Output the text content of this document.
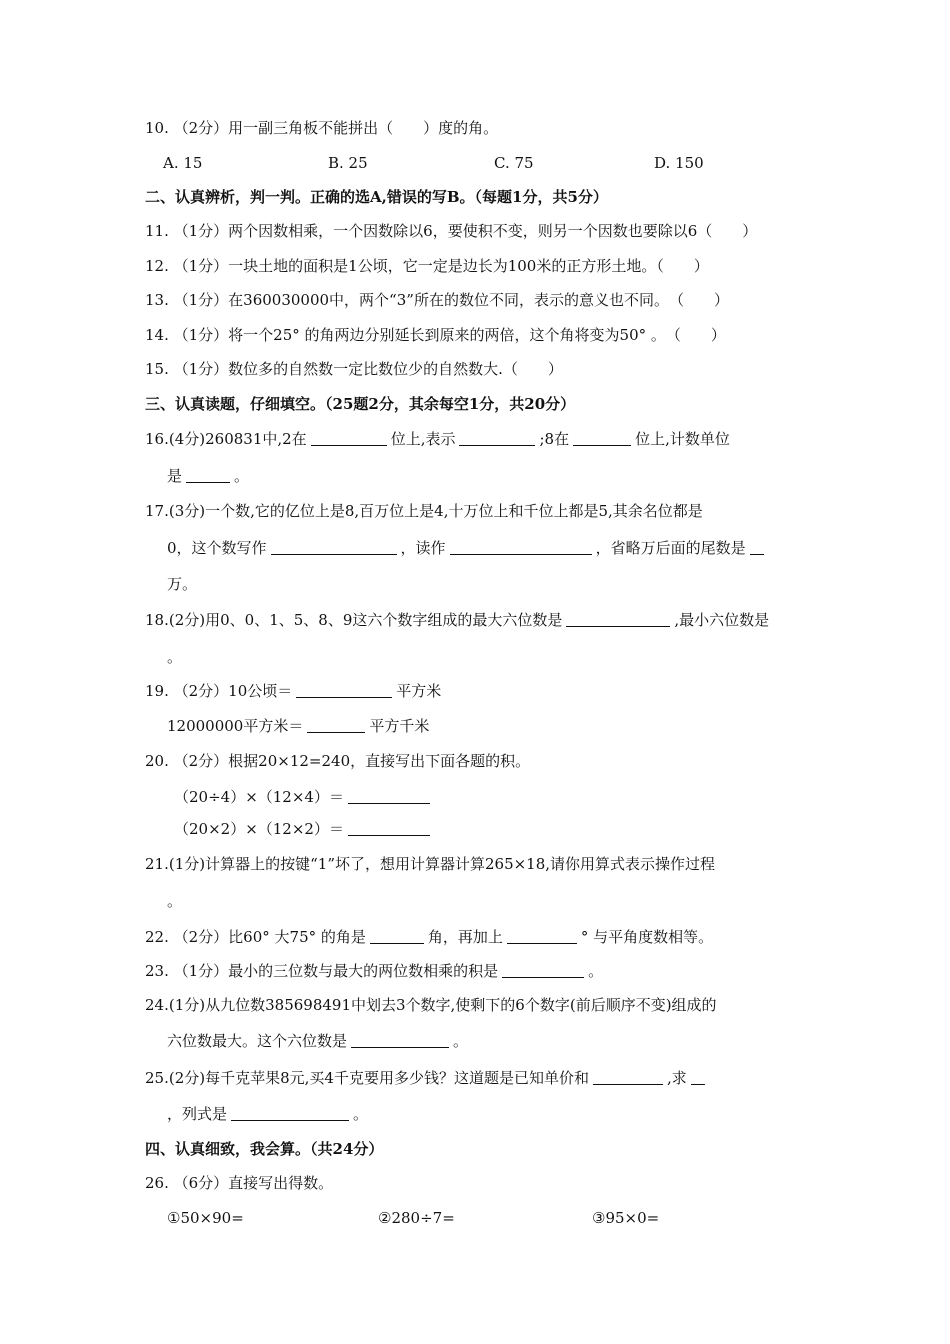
10. （2分）用一副三角板不能拼出（　　）度的角。
A. 15	B. 25	C. 75	D. 150
二、认真辨析，判一判。正确的选A,错误的写B。（每题1分，共5分）
11. （1分）两个因数相乘，一个因数除以6，要使积不变，则另一个因数也要除以6（　　）
12. （1分）一块土地的面积是1公顷，它一定是边长为100米的正方形土地。（　　）
13. （1分）在360030000中，两个“3”所在的数位不同，表示的意义也不同。　（　　）
14. （1分）将一个25° 的角两边分别延长到原来的两倍，这个角将变为50° 。　（　　）
15. （1分）数位多的自然数一定比数位少的自然数大.（　　）
三、认真读题，仔细填空。（25题2分，其余每空1分，共20分）
16.(4分)260831中,2在	位上,表示	;8在	位上,计数单位
是	。
17.(3分)一个数,它的亿位上是8,百万位上是4,十万位上和千位上都是5,其余名位都是
0，这个数写作	，读作	，省略万后面的尾数是
万。
18.(2分)用0、0、1、5、8、9这六个数字组成的最大六位数是	,最小六位数是
。
19. （2分）10公顷＝	平方米
12000000平方米＝	平方千米
20. （2分）根据20×12=240，直接写出下面各题的积。
（20÷4）×（12×4）＝
（20×2）×（12×2）＝
21.(1分)计算器上的按键“1”坏了，想用计算器计算265×18,请你用算式表示操作过程
。
22. （2分）比60° 大75° 的角是	角，再加上	° 与平角度数相等。
23. （1分）最小的三位数与最大的两位数相乘的积是	。
24.(1分)从九位数385698491中划去3个数字,使剩下的6个数字(前后顺序不变)组成的
六位数最大。这个六位数是	。
25.(2分)每千克苹果8元,买4千克要用多少钱？这道题是已知单价和	,求
，列式是	。
四、认真细致，我会算。（共24分）
26. （6分）直接写出得数。
①50×90=	②280÷7=	③95×0=
